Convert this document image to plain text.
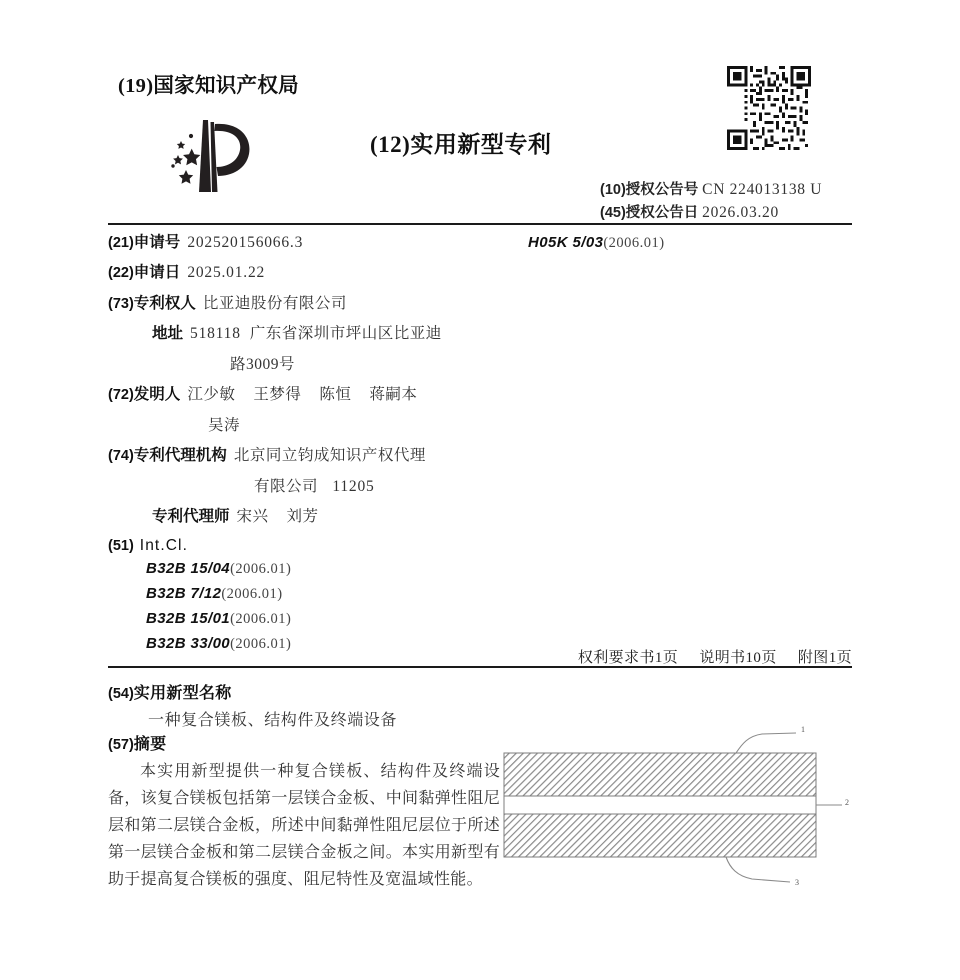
(19)国家知识产权局
(12)实用新型专利
(10)授权公告号 CN 224013138 U
(45)授权公告日 2026.03.20
H05K 5/03(2006.01)
(21) 申请号 202520156066.3
(22) 申请日 2025.01.22
(73) 专利权人 比亚迪股份有限公司
地址 518118 广东省深圳市坪山区比亚迪
路3009号
(72) 发明人 江少敏 王梦得 陈恒 蒋嗣本
吴涛
(74) 专利代理机构 北京同立钧成知识产权代理
有限公司 11205
专利代理师 宋兴 刘芳
(51) Int.Cl.
B32B 15/04(2006.01)
B32B 7/12(2006.01)
B32B 15/01(2006.01)
B32B 33/00(2006.01)
权利要求书1页 说明书10页 附图1页
(54) 实用新型名称
一种复合镁板、结构件及终端设备
(57) 摘要
本实用新型提供一种复合镁板、结构件及终端设备，该复合镁板包括第一层镁合金板、中间黏弹性阻尼层和第二层镁合金板，所述中间黏弹性阻尼层位于所述第一层镁合金板和第二层镁合金板之间。本实用新型有助于提高复合镁板的强度、阻尼特性及宽温域性能。
1
2
3
